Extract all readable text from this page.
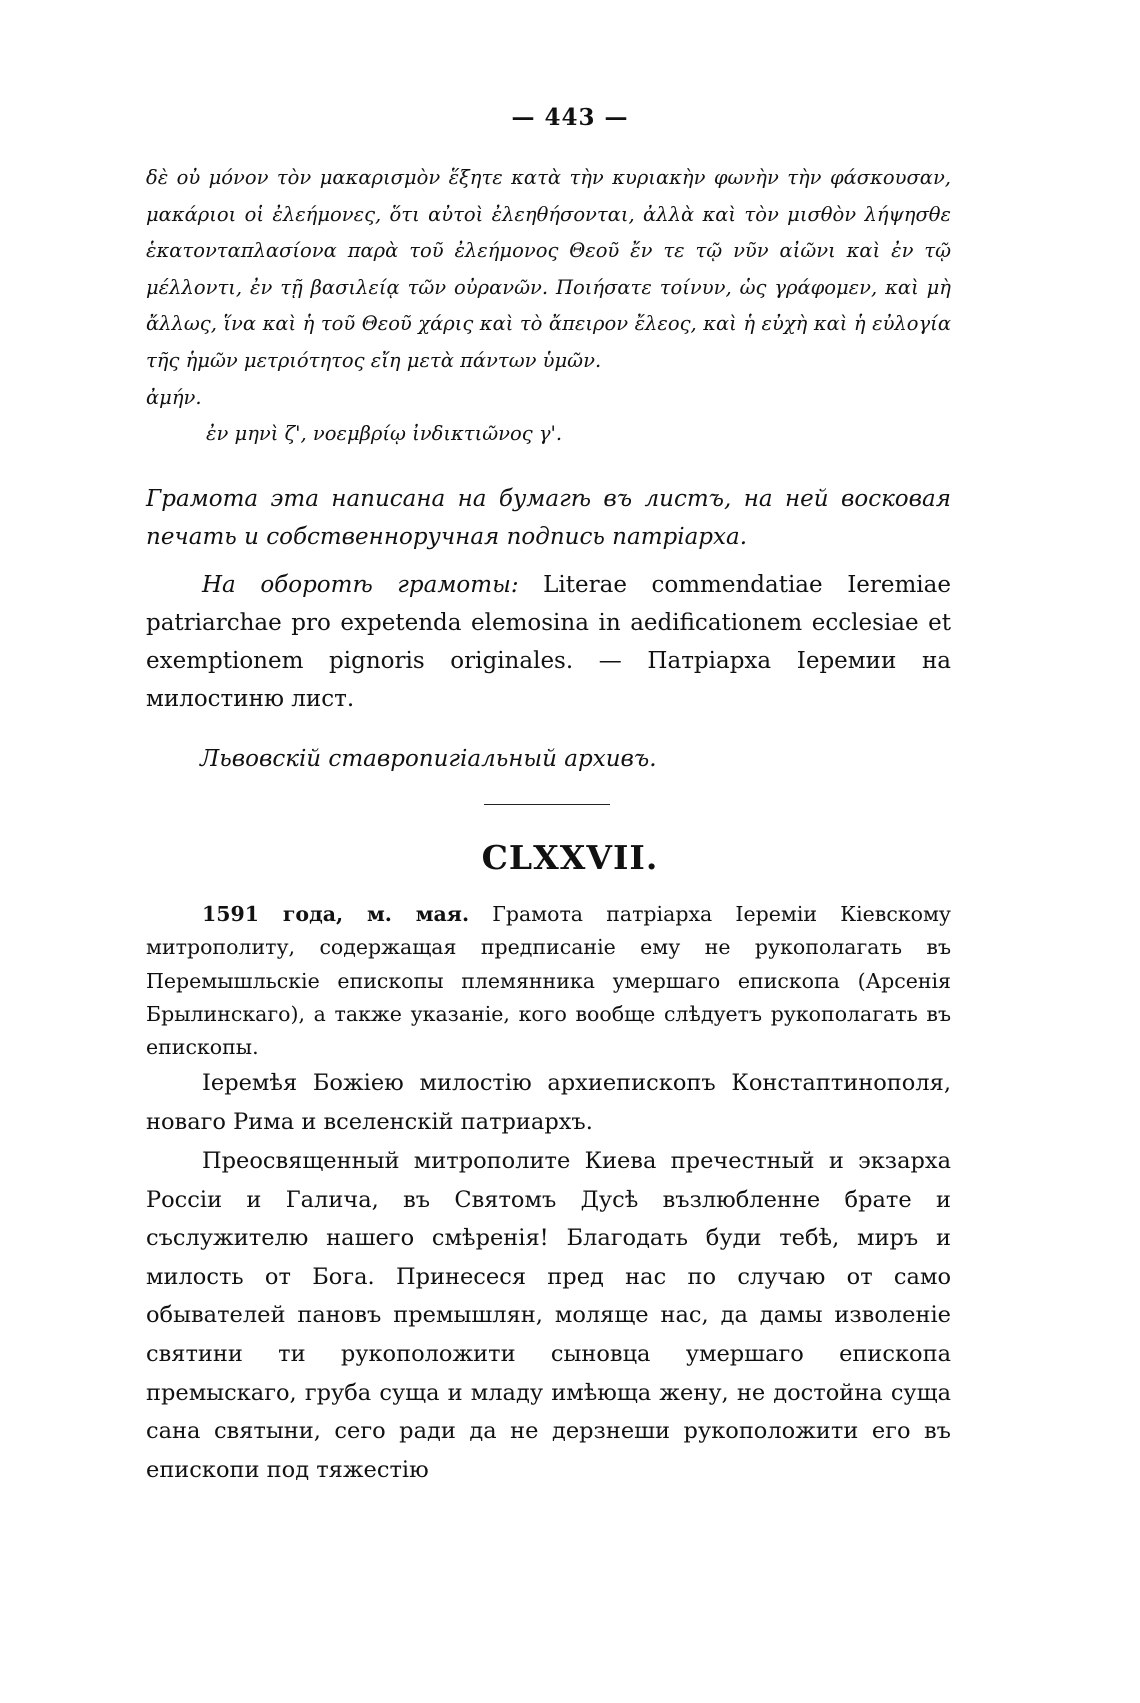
— 443 —
δὲ οὐ μόνον τὸν μακαρισμὸν ἕξητε κατὰ τὴν κυριακὴν φωνὴν τὴν φάσκουσαν, μακάριοι οἱ ἐλεήμονες, ὅτι αὐτοὶ ἐλεηθήσονται, ἀλλὰ καὶ τὸν μισθὸν λήψησθε ἑκατονταπλασίονα παρὰ τοῦ ἐλεήμονος Θεοῦ ἔν τε τῷ νῦν αἰῶνι καὶ ἐν τῷ μέλλοντι, ἐν τῇ βασιλείᾳ τῶν οὐρανῶν. Ποιήσατε τοίνυν, ὡς γράφομεν, καὶ μὴ ἄλλως, ἵνα καὶ ἡ τοῦ Θεοῦ χάρις καὶ τὸ ἄπειρον ἔλεος, καὶ ἡ εὐχὴ καὶ ἡ εὐλογία τῆς ἡμῶν μετριότητος εἴη μετὰ πάντων ὑμῶν.
ἀμήν.
ἐν μηνὶ ζ', νοεμβρίῳ ἰνδικτιῶνος γ'.
Грамота эта написана на бумагѣ въ листъ, на ней восковая печать и собственноручная подпись патріарха.
На оборотѣ грамоты: Literae commendatiae Ieremiae patriarchae pro expetenda elemosina in aedificationem ecclesiae et exemptionem pignoris originales. — Патріарха Іеремии на милостиню лист.
Львовскій ставропигіальный архивъ.
CLXXVII.
1591 года, м. мая. Грамота патріарха Іереміи Кіевскому митрополиту, содержащая предписаніе ему не рукополагать въ Перемышльскіе епископы племянника умершаго епископа (Арсенія Брылинскаго), а также указаніе, кого вообще слѣдуетъ рукополагать въ епископы.
Іеремѣя Божіею милостію архиепископъ Констаптинополя, новаго Рима и вселенскій патриархъ.
Преосвященный митрополите Киева пречестный и экзарха Россіи и Галича, въ Святомъ Дусѣ възлюбленне брате и съслужителю нашего смѣренія! Благодать буди тебѣ, миръ и милость от Бога. Принесеся пред нас по случаю от само обывателей пановъ премышлян, моляще нас, да дамы изволеніе святини ти рукоположити сыновца умершаго епископа премыскаго, груба суща и младу имѣюща жену, не достойна суща сана святыни, сего ради да не дерзнеши рукоположити его въ епископи под тяжестію
